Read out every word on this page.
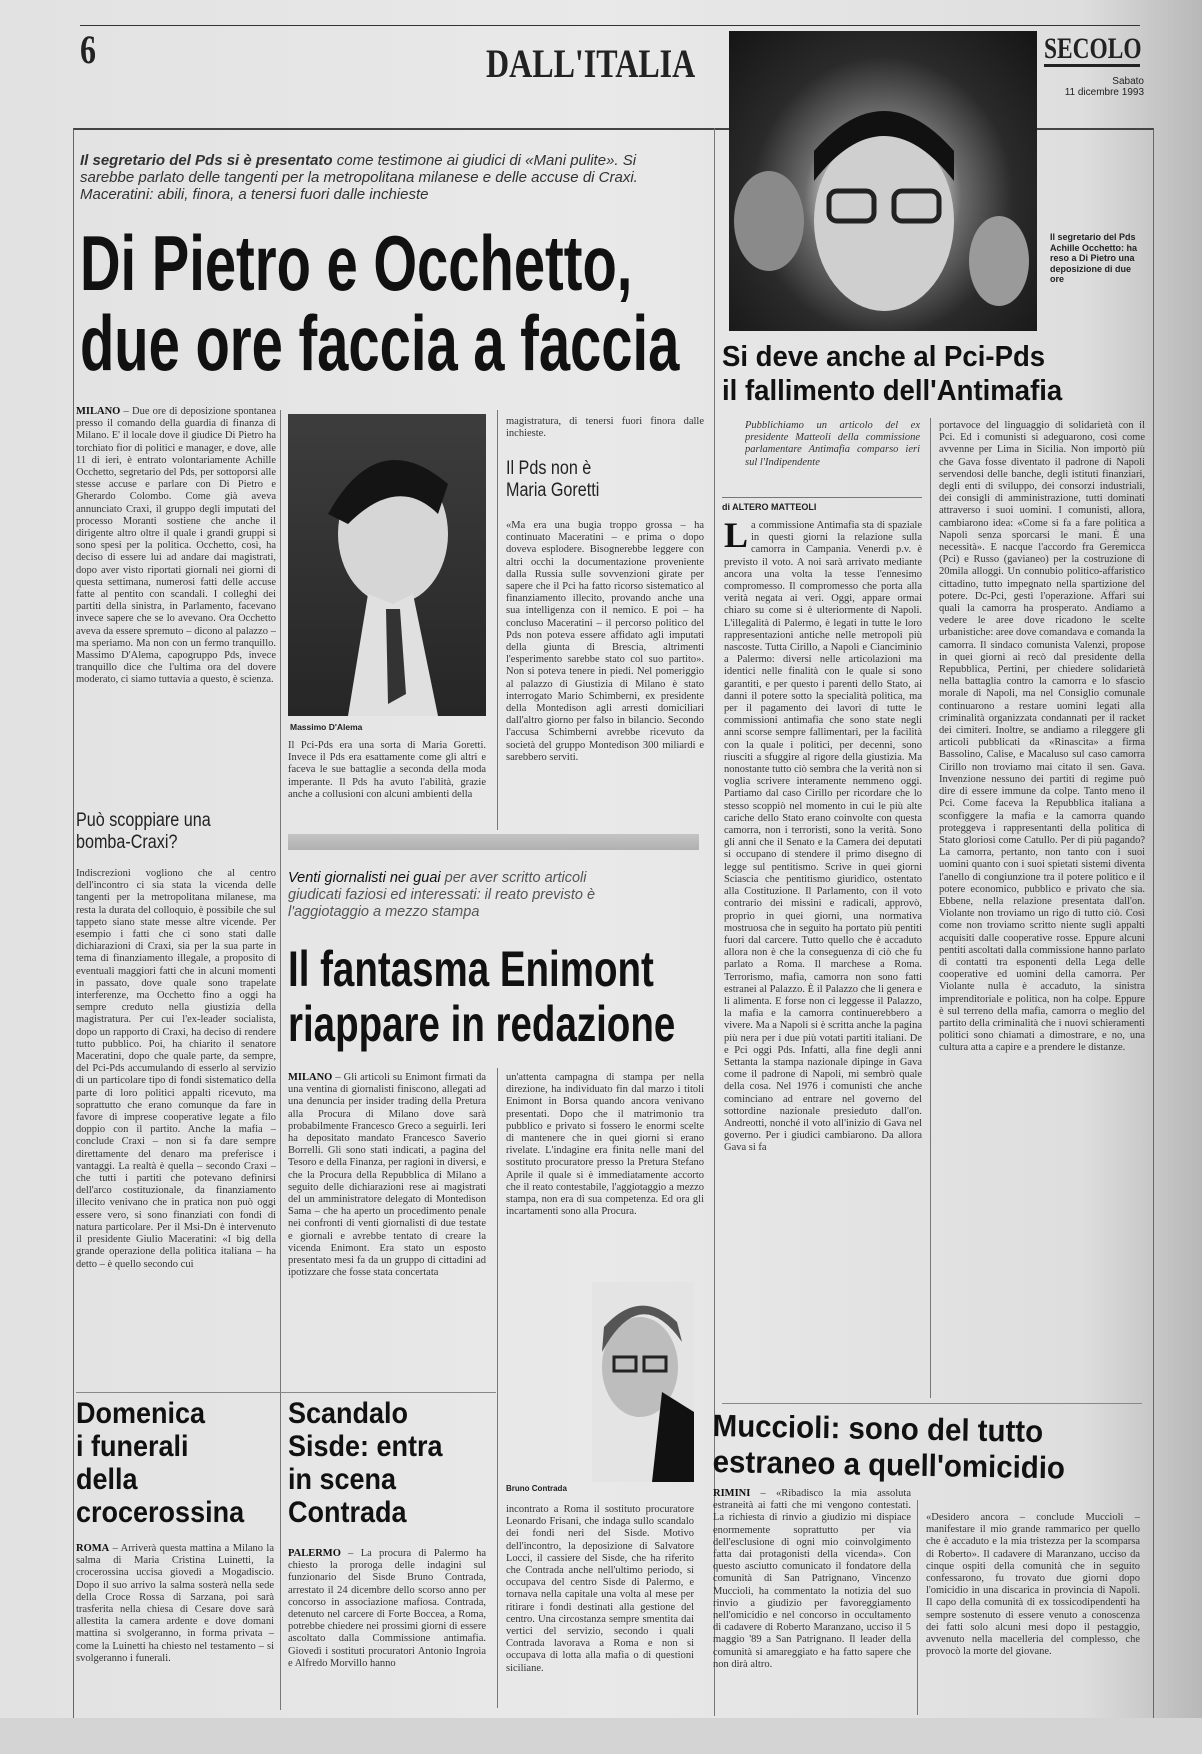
6	DALL'ITALIA	SECOLO
Sabato
11 dicembre 1993
Il segretario del Pds Achille Occhetto: ha reso a Di Pietro una deposizione di due ore
Il segretario del Pds si è presentato come testimone ai giudici di «Mani pulite». Si sarebbe parlato delle tangenti per la metropolitana milanese e delle accuse di Craxi. Maceratini: abili, finora, a tenersi fuori dalle inchieste
Di Pietro e Occhetto,
due ore faccia a faccia
MILANO – Due ore di deposizione spontanea presso il comando della guardia di finanza di Milano. E' il locale dove il giudice Di Pietro ha torchiato fior di politici e manager, e dove, alle 11 di ieri, è entrato volontariamente Achille Occhetto, segretario del Pds, per sottoporsi alle stesse accuse e parlare con Di Pietro e Gherardo Colombo. Come già aveva annunciato Craxi, il gruppo degli imputati del processo Moranti sostiene che anche il dirigente altro oltre il quale i grandi gruppi si sono spesi per la politica. Occhetto, così, ha deciso di essere lui ad andare dai magistrati, dopo aver visto riportati giornali nei giorni di questa settimana, numerosi fatti delle accuse fatte al pentito con scandali. I colleghi dei partiti della sinistra, in Parlamento, facevano invece sapere che se lo avevano. Ora Occhetto aveva da essere spremuto – dicono al palazzo – ma speriamo. Ma non con un fermo tranquillo. Massimo D'Alema, capogruppo Pds, invece tranquillo dice che l'ultima ora del dovere moderato, ci siamo tuttavia a questo, è scienza.
Massimo D'Alema
Il Pci-Pds era una sorta di Maria Goretti. Invece il Pds era esattamente come gli altri e faceva le sue battaglie a seconda della moda imperante. Il Pds ha avuto l'abilità, grazie anche a collusioni con alcuni ambienti della
magistratura, di tenersi fuori finora dalle inchieste.
Il Pds non è Maria Goretti
«Ma era una bugia troppo grossa – ha continuato Maceratini – e prima o dopo doveva esplodere. Bisognerebbe leggere con altri occhi la documentazione proveniente dalla Russia sulle sovvenzioni girate per sapere che il Pci ha fatto ricorso sistematico al finanziamento illecito, provando anche una sua intelligenza con il nemico. E poi – ha concluso Maceratini – il percorso politico del Pds non poteva essere affidato agli imputati della giunta di Brescia, altrimenti l'esperimento sarebbe stato col suo partito». Non si poteva tenere in piedi. Nel pomeriggio al palazzo di Giustizia di Milano è stato interrogato Mario Schimberni, ex presidente della Montedison agli arresti domiciliari dall'altro giorno per falso in bilancio. Secondo l'accusa Schimberni avrebbe ricevuto da società del gruppo Montedison 300 miliardi e sarebbero serviti.
Può scoppiare una bomba-Craxi?
Indiscrezioni vogliono che al centro dell'incontro ci sia stata la vicenda delle tangenti per la metropolitana milanese, ma resta la durata del colloquio, è possibile che sul tappeto siano state messe altre vicende. Per esempio i fatti che ci sono stati dalle dichiarazioni di Craxi, sia per la sua parte in tema di finanziamento illegale, a proposito di eventuali maggiori fatti che in alcuni momenti in passato, dove quale sono trapelate interferenze, ma Occhetto fino a oggi ha sempre creduto nella giustizia della magistratura. Per cui l'ex-leader socialista, dopo un rapporto di Craxi, ha deciso di rendere tutto pubblico. Poi, ha chiarito il senatore Maceratini, dopo che quale parte, da sempre, del Pci-Pds accumulando di esserlo al servizio di un particolare tipo di fondi sistematico della parte di loro politici appalti ricevuto, ma soprattutto che erano comunque da fare in favore di imprese cooperative legate a filo doppio con il partito. Anche la mafia – conclude Craxi – non si fa dare sempre direttamente del denaro ma preferisce i vantaggi. La realtà è quella – secondo Craxi – che tutti i partiti che potevano definirsi dell'arco costituzionale, da finanziamento illecito venivano che in pratica non può oggi essere vero, si sono finanziati con fondi di natura particolare. Per il Msi-Dn è intervenuto il presidente Giulio Maceratini: «I big della grande operazione della politica italiana – ha detto – è quello secondo cui
Venti giornalisti nei guai per aver scritto articoli giudicati faziosi ed interessati: il reato previsto è l'aggiotaggio a mezzo stampa
Il fantasma Enimont
riappare in redazione
MILANO – Gli articoli su Enimont firmati da una ventina di giornalisti finiscono, allegati ad una denuncia per insider trading della Pretura alla Procura di Milano dove sarà probabilmente Francesco Greco a seguirli. Ieri ha depositato mandato Francesco Saverio Borrelli. Gli sono stati indicati, a pagina del Tesoro e della Finanza, per ragioni in diversi, e che la Procura della Repubblica di Milano a seguito delle dichiarazioni rese ai magistrati del un amministratore delegato di Montedison Sama – che ha aperto un procedimento penale nei confronti di venti giornalisti di due testate e giornali e avrebbe tentato di creare la vicenda Enimont. Era stato un esposto presentato mesi fa da un gruppo di cittadini ad ipotizzare che fosse stata concertata
un'attenta campagna di stampa per nella direzione, ha individuato fin dal marzo i titoli Enimont in Borsa quando ancora venivano presentati. Dopo che il matrimonio tra pubblico e privato si fossero le enormi scelte di mantenere che in quei giorni si erano rivelate. L'indagine era finita nelle mani del sostituto procuratore presso la Pretura Stefano Aprile il quale si è immediatamente accorto che il reato contestabile, l'aggiotaggio a mezzo stampa, non era di sua competenza. Ed ora gli incartamenti sono alla Procura.
Bruno Contrada
Domenica
i funerali
della
crocerossina
ROMA – Arriverà questa mattina a Milano la salma di Maria Cristina Luinetti, la crocerossina uccisa giovedì a Mogadiscio. Dopo il suo arrivo la salma sosterà nella sede della Croce Rossa di Sarzana, poi sarà trasferita nella chiesa di Cesare dove sarà allestita la camera ardente e dove domani mattina si svolgeranno, in forma privata – come la Luinetti ha chiesto nel testamento – si svolgeranno i funerali.
Scandalo
Sisde: entra
in scena
Contrada
PALERMO – La procura di Palermo ha chiesto la proroga delle indagini sul funzionario del Sisde Bruno Contrada, arrestato il 24 dicembre dello scorso anno per concorso in associazione mafiosa. Contrada, detenuto nel carcere di Forte Boccea, a Roma, potrebbe chiedere nei prossimi giorni di essere ascoltato dalla Commissione antimafia. Giovedì i sostituti procuratori Antonio Ingroia e Alfredo Morvillo hanno
incontrato a Roma il sostituto procuratore Leonardo Frisani, che indaga sullo scandalo dei fondi neri del Sisde. Motivo dell'incontro, la deposizione di Salvatore Locci, il cassiere del Sisde, che ha riferito che Contrada anche nell'ultimo periodo, si occupava del centro Sisde di Palermo, e tornava nella capitale una volta al mese per ritirare i fondi destinati alla gestione del centro. Una circostanza sempre smentita dai vertici del servizio, secondo i quali Contrada lavorava a Roma e non si occupava di lotta alla mafia o di questioni siciliane.
Si deve anche al Pci-Pds
il fallimento dell'Antimafia
Pubblichiamo un articolo del ex presidente Matteoli della commissione parlamentare Antimafia comparso ieri sul l'Indipendente
di ALTERO MATTEOLI
La commissione Antimafia sta di spaziale in questi giorni la relazione sulla camorra in Campania. Venerdì p.v. è previsto il voto. A noi sarà arrivato mediante ancora una volta la tesse l'ennesimo compromesso. Il compromesso che porta alla verità negata ai veri. Oggi, appare ormai chiaro su come si è ulteriormente di Napoli. L'illegalità di Palermo, è legati in tutte le loro rappresentazioni antiche nelle metropoli più nascoste. Tutta Cirillo, a Napoli e Cianciminio a Palermo: diversi nelle articolazioni ma identici nelle finalità con le quale si sono garantiti, e per questo i parenti dello Stato, ai danni il potere sotto la specialità politica, ma per il pagamento dei lavori di tutte le commissioni antimafia che sono state negli anni scorse sempre fallimentari, per la facilità con la quale i politici, per decenni, sono riusciti a sfuggire al rigore della giustizia. Ma nonostante tutto ciò sembra che la verità non si voglia scrivere interamente nemmeno oggi. Partiamo dal caso Cirillo per ricordare che lo stesso scoppiò nel momento in cui le più alte cariche dello Stato erano coinvolte con questa camorra, non i terroristi, sono la verità. Sono gli anni che il Senato e la Camera dei deputati si occupano di stendere il primo disegno di legge sul pentitismo. Scrive in quei giorni Sciascia che pentitismo giuridico, ostentato alla Costituzione. Il Parlamento, con il voto contrario dei missini e radicali, approvò, proprio in quei giorni, una normativa mostruosa che in seguito ha portato più pentiti fuori dal carcere. Tutto quello che è accaduto allora non è che la conseguenza di ciò che fu parlato a Roma. Il marchese a Roma. Terrorismo, mafia, camorra non sono fatti estranei al Palazzo. È il Palazzo che li genera e li alimenta. E forse non ci leggesse il Palazzo, la mafia e la camorra continuerebbero a vivere. Ma a Napoli si è scritta anche la pagina più nera per i due più votati partiti italiani. De e Pci oggi Pds. Infatti, alla fine degli anni Settanta la stampa nazionale dipinge in Gava come il padrone di Napoli, mi sembrò quale della cosa. Nel 1976 i comunisti che anche cominciano ad entrare nel governo del sottordine nazionale presieduto dall'on. Andreotti, nonché il voto all'inizio di Gava nel governo. Per i giudici cambiarono. Da allora Gava si fa
portavoce del linguaggio di solidarietà con il Pci. Ed i comunisti si adeguarono, così come avvenne per Lima in Sicilia. Non importò più che Gava fosse diventato il padrone di Napoli servendosi delle banche, degli istituti finanziari, degli enti di sviluppo, dei consorzi industriali, dei consigli di amministrazione, tutti dominati attraverso i suoi uomini. I comunisti, allora, cambiarono idea: «Come si fa a fare politica a Napoli senza sporcarsi le mani. È una necessità». E nacque l'accordo fra Geremicca (Pci) e Russo (gavianeo) per la costruzione di 20mila alloggi. Un connubio politico-affaristico cittadino, tutto impegnato nella spartizione del potere. Dc-Pci, gestì l'operazione. Affari sui quali la camorra ha prosperato. Andiamo a vedere le aree dove ricadono le scelte urbanistiche: aree dove comandava e comanda la camorra. Il sindaco comunista Valenzi, propose in quei giorni ai recò dal presidente della Repubblica, Pertini, per chiedere solidarietà nella battaglia contro la camorra e lo sfascio morale di Napoli, ma nel Consiglio comunale continuarono a restare uomini legati alla criminalità organizzata condannati per il racket dei cimiteri. Inoltre, se andiamo a rileggere gli articoli pubblicati da «Rinascita» a firma Bassolino, Calise, e Macaluso sul caso camorra Cirillo non troviamo mai citato il sen. Gava. Invenzione nessuno dei partiti di regime può dire di essere immune da colpe. Tanto meno il Pci. Come faceva la Repubblica italiana a sconfiggere la mafia e la camorra quando proteggeva i rappresentanti della politica di Stato gloriosi come Catullo. Per di più pagando? La camorra, pertanto, non tanto con i suoi uomini quanto con i suoi spietati sistemi diventa l'anello di congiunzione tra il potere politico e il potere economico, pubblico e privato che sia. Ebbene, nella relazione presentata dall'on. Violante non troviamo un rigo di tutto ciò. Così come non troviamo scritto niente sugli appalti acquisiti dalle cooperative rosse. Eppure alcuni pentiti ascoltati dalla commissione hanno parlato di contatti tra esponenti della Lega delle cooperative ed uomini della camorra. Per Violante nulla è accaduto, la sinistra imprenditoriale e politica, non ha colpe. Eppure è sul terreno della mafia, camorra o meglio del partito della criminalità che i nuovi schieramenti politici sono chiamati a dimostrare, e no, una cultura atta a capire e a prendere le distanze.
Muccioli: sono del tutto
estraneo a quell'omicidio
RIMINI – «Ribadisco la mia assoluta estraneità ai fatti che mi vengono contestati. La richiesta di rinvio a giudizio mi dispiace enormemente soprattutto per via dell'esclusione di ogni mio coinvolgimento fatta dai protagonisti della vicenda». Con questo asciutto comunicato il fondatore della comunità di San Patrignano, Vincenzo Muccioli, ha commentato la notizia del suo rinvio a giudizio per favoreggiamento nell'omicidio e nel concorso in occultamento di cadavere di Roberto Maranzano, ucciso il 5 maggio '89 a San Patrignano. Il leader della comunità si amareggiato e ha fatto sapere che non dirà altro.
«Desidero ancora – conclude Muccioli – manifestare il mio grande rammarico per quello che è accaduto e la mia tristezza per la scomparsa di Roberto». Il cadavere di Maranzano, ucciso da cinque ospiti della comunità che in seguito confessarono, fu trovato due giorni dopo l'omicidio in una discarica in provincia di Napoli. Il capo della comunità di ex tossicodipendenti ha sempre sostenuto di essere venuto a conoscenza dei fatti solo alcuni mesi dopo il pestaggio, avvenuto nella macelleria del complesso, che provocò la morte del giovane.
